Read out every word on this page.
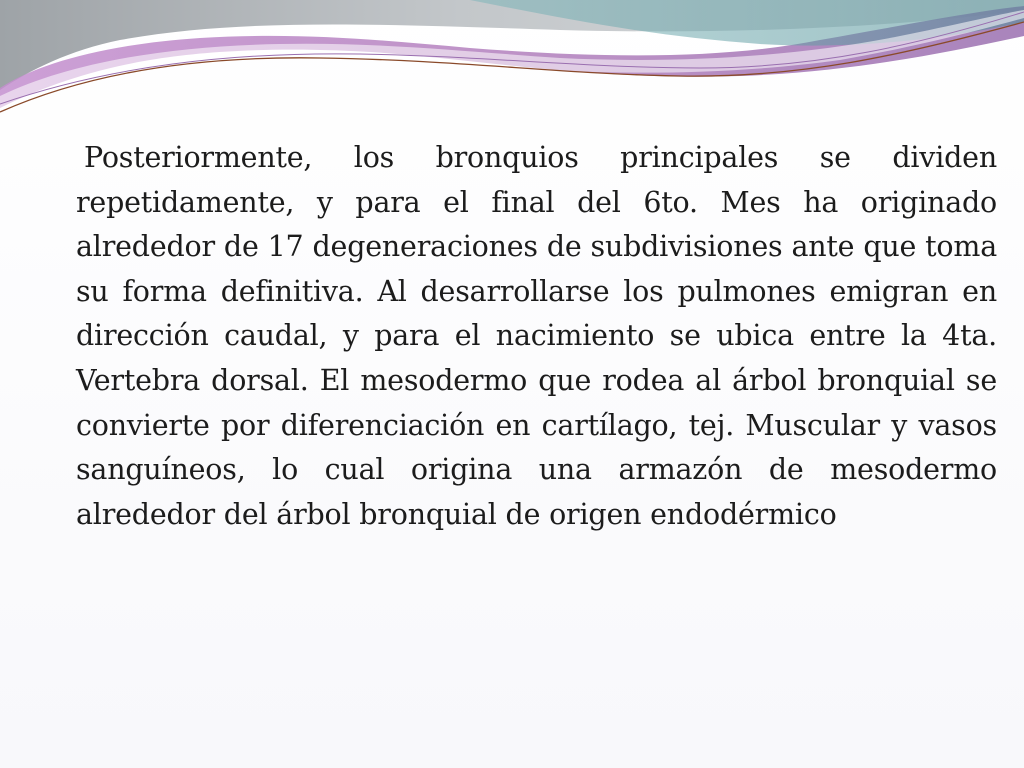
Posteriormente, los bronquios principales se dividen repetidamente, y para el final del 6to. Mes ha originado alrededor de 17 degeneraciones de subdivisiones ante que toma su forma definitiva. Al desarrollarse los pulmones emigran en dirección caudal, y para el nacimiento se ubica entre la 4ta. Vertebra dorsal. El mesodermo que rodea al árbol bronquial se convierte por diferenciación en cartílago, tej. Muscular y vasos sanguíneos, lo cual origina una armazón de mesodermo alrededor del árbol bronquial de origen endodérmico
